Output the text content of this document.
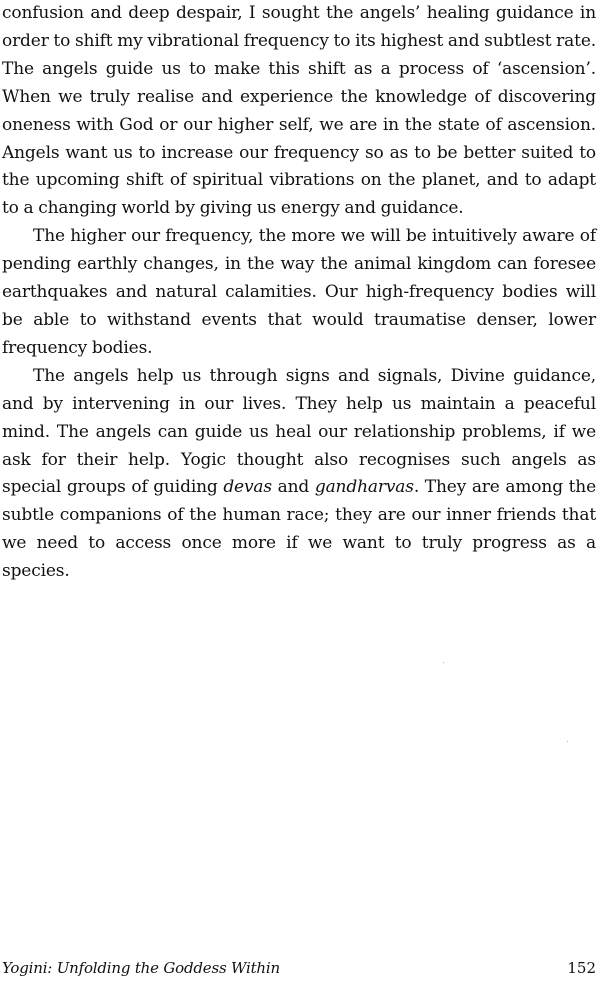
confusion and deep despair, I sought the angels’ healing guidance in order to shift my vibrational frequency to its highest and subtlest rate. The angels guide us to make this shift as a process of ‘ascension’. When we truly realise and experience the knowledge of discovering oneness with God or our higher self, we are in the state of ascension. Angels want us to increase our frequency so as to be better suited to the upcoming shift of spiritual vibrations on the planet, and to adapt to a changing world by giving us energy and guidance.

The higher our frequency, the more we will be intuitively aware of pending earthly changes, in the way the animal kingdom can foresee earthquakes and natural calamities. Our high-frequency bodies will be able to withstand events that would traumatise denser, lower frequency bodies.

The angels help us through signs and signals, Divine guidance, and by intervening in our lives. They help us maintain a peaceful mind. The angels can guide us heal our relationship problems, if we ask for their help. Yogic thought also recognises such angels as special groups of guiding devas and gandharvas. They are among the subtle companions of the human race; they are our inner friends that we need to access once more if we want to truly progress as a species.

Yogini: Unfolding the Goddess Within	152
